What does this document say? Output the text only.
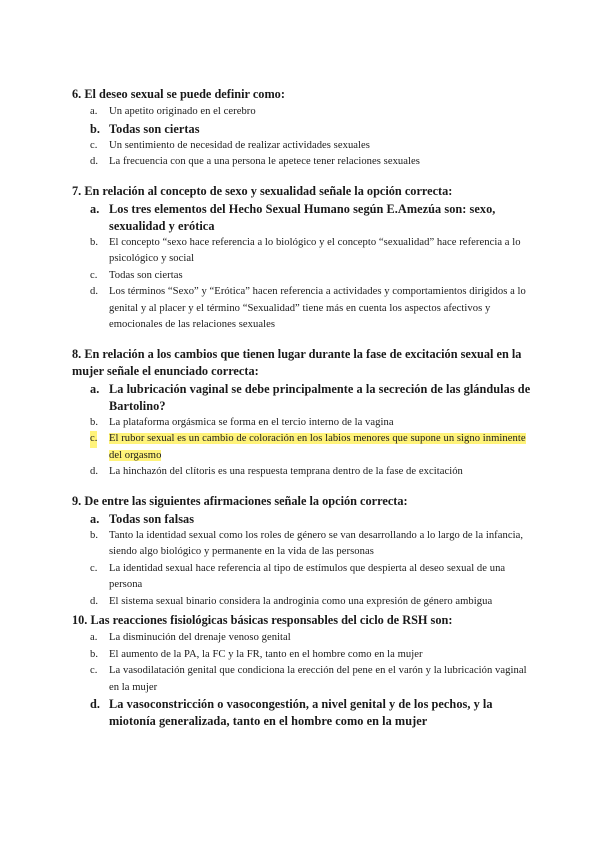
6. El deseo sexual se puede definir como:
a. Un apetito originado en el cerebro
b. Todas son ciertas
c. Un sentimiento de necesidad de realizar actividades sexuales
d. La frecuencia con que a una persona le apetece tener relaciones sexuales
7. En relación al concepto de sexo y sexualidad señale la opción correcta:
a. Los tres elementos del Hecho Sexual Humano según E.Amezúa son: sexo, sexualidad y erótica
b. El concepto “sexo hace referencia a lo biológico y el concepto “sexualidad” hace referencia a lo psicológico y social
c. Todas son ciertas
d. Los términos “Sexo” y “Erótica” hacen referencia a actividades y comportamientos dirigidos a lo genital y al placer y el término “Sexualidad” tiene más en cuenta los aspectos afectivos y emocionales de las relaciones sexuales
8. En relación a los cambios que tienen lugar durante la fase de excitación sexual en la mujer señale el enunciado correcta:
a. La lubricación vaginal se debe principalmente a la secreción de las glándulas de Bartolino?
b. La plataforma orgásmica se forma en el tercio interno de la vagina
c. El rubor sexual es un cambio de coloración en los labios menores que supone un signo inminente del orgasmo
d. La hinchazón del clítoris es una respuesta temprana dentro de la fase de excitación
9. De entre las siguientes afirmaciones señale la opción correcta:
a. Todas son falsas
b. Tanto la identidad sexual como los roles de género se van desarrollando a lo largo de la infancia, siendo algo biológico y permanente en la vida de las personas
c. La identidad sexual hace referencia al tipo de estímulos que despierta al deseo sexual de una persona
d. El sistema sexual binario considera la androginia como una expresión de género ambigua
10. Las reacciones fisiológicas básicas responsables del ciclo de RSH son:
a. La disminución del drenaje venoso genital
b. El aumento de la PA, la FC y la FR, tanto en el hombre como en la mujer
c. La vasodilatación genital que condiciona la erección del pene en el varón y la lubricación vaginal en la mujer
d. La vasoconstricción o vasocongestión, a nivel genital y de los pechos, y la miotonía generalizada, tanto en el hombre como en la mujer
